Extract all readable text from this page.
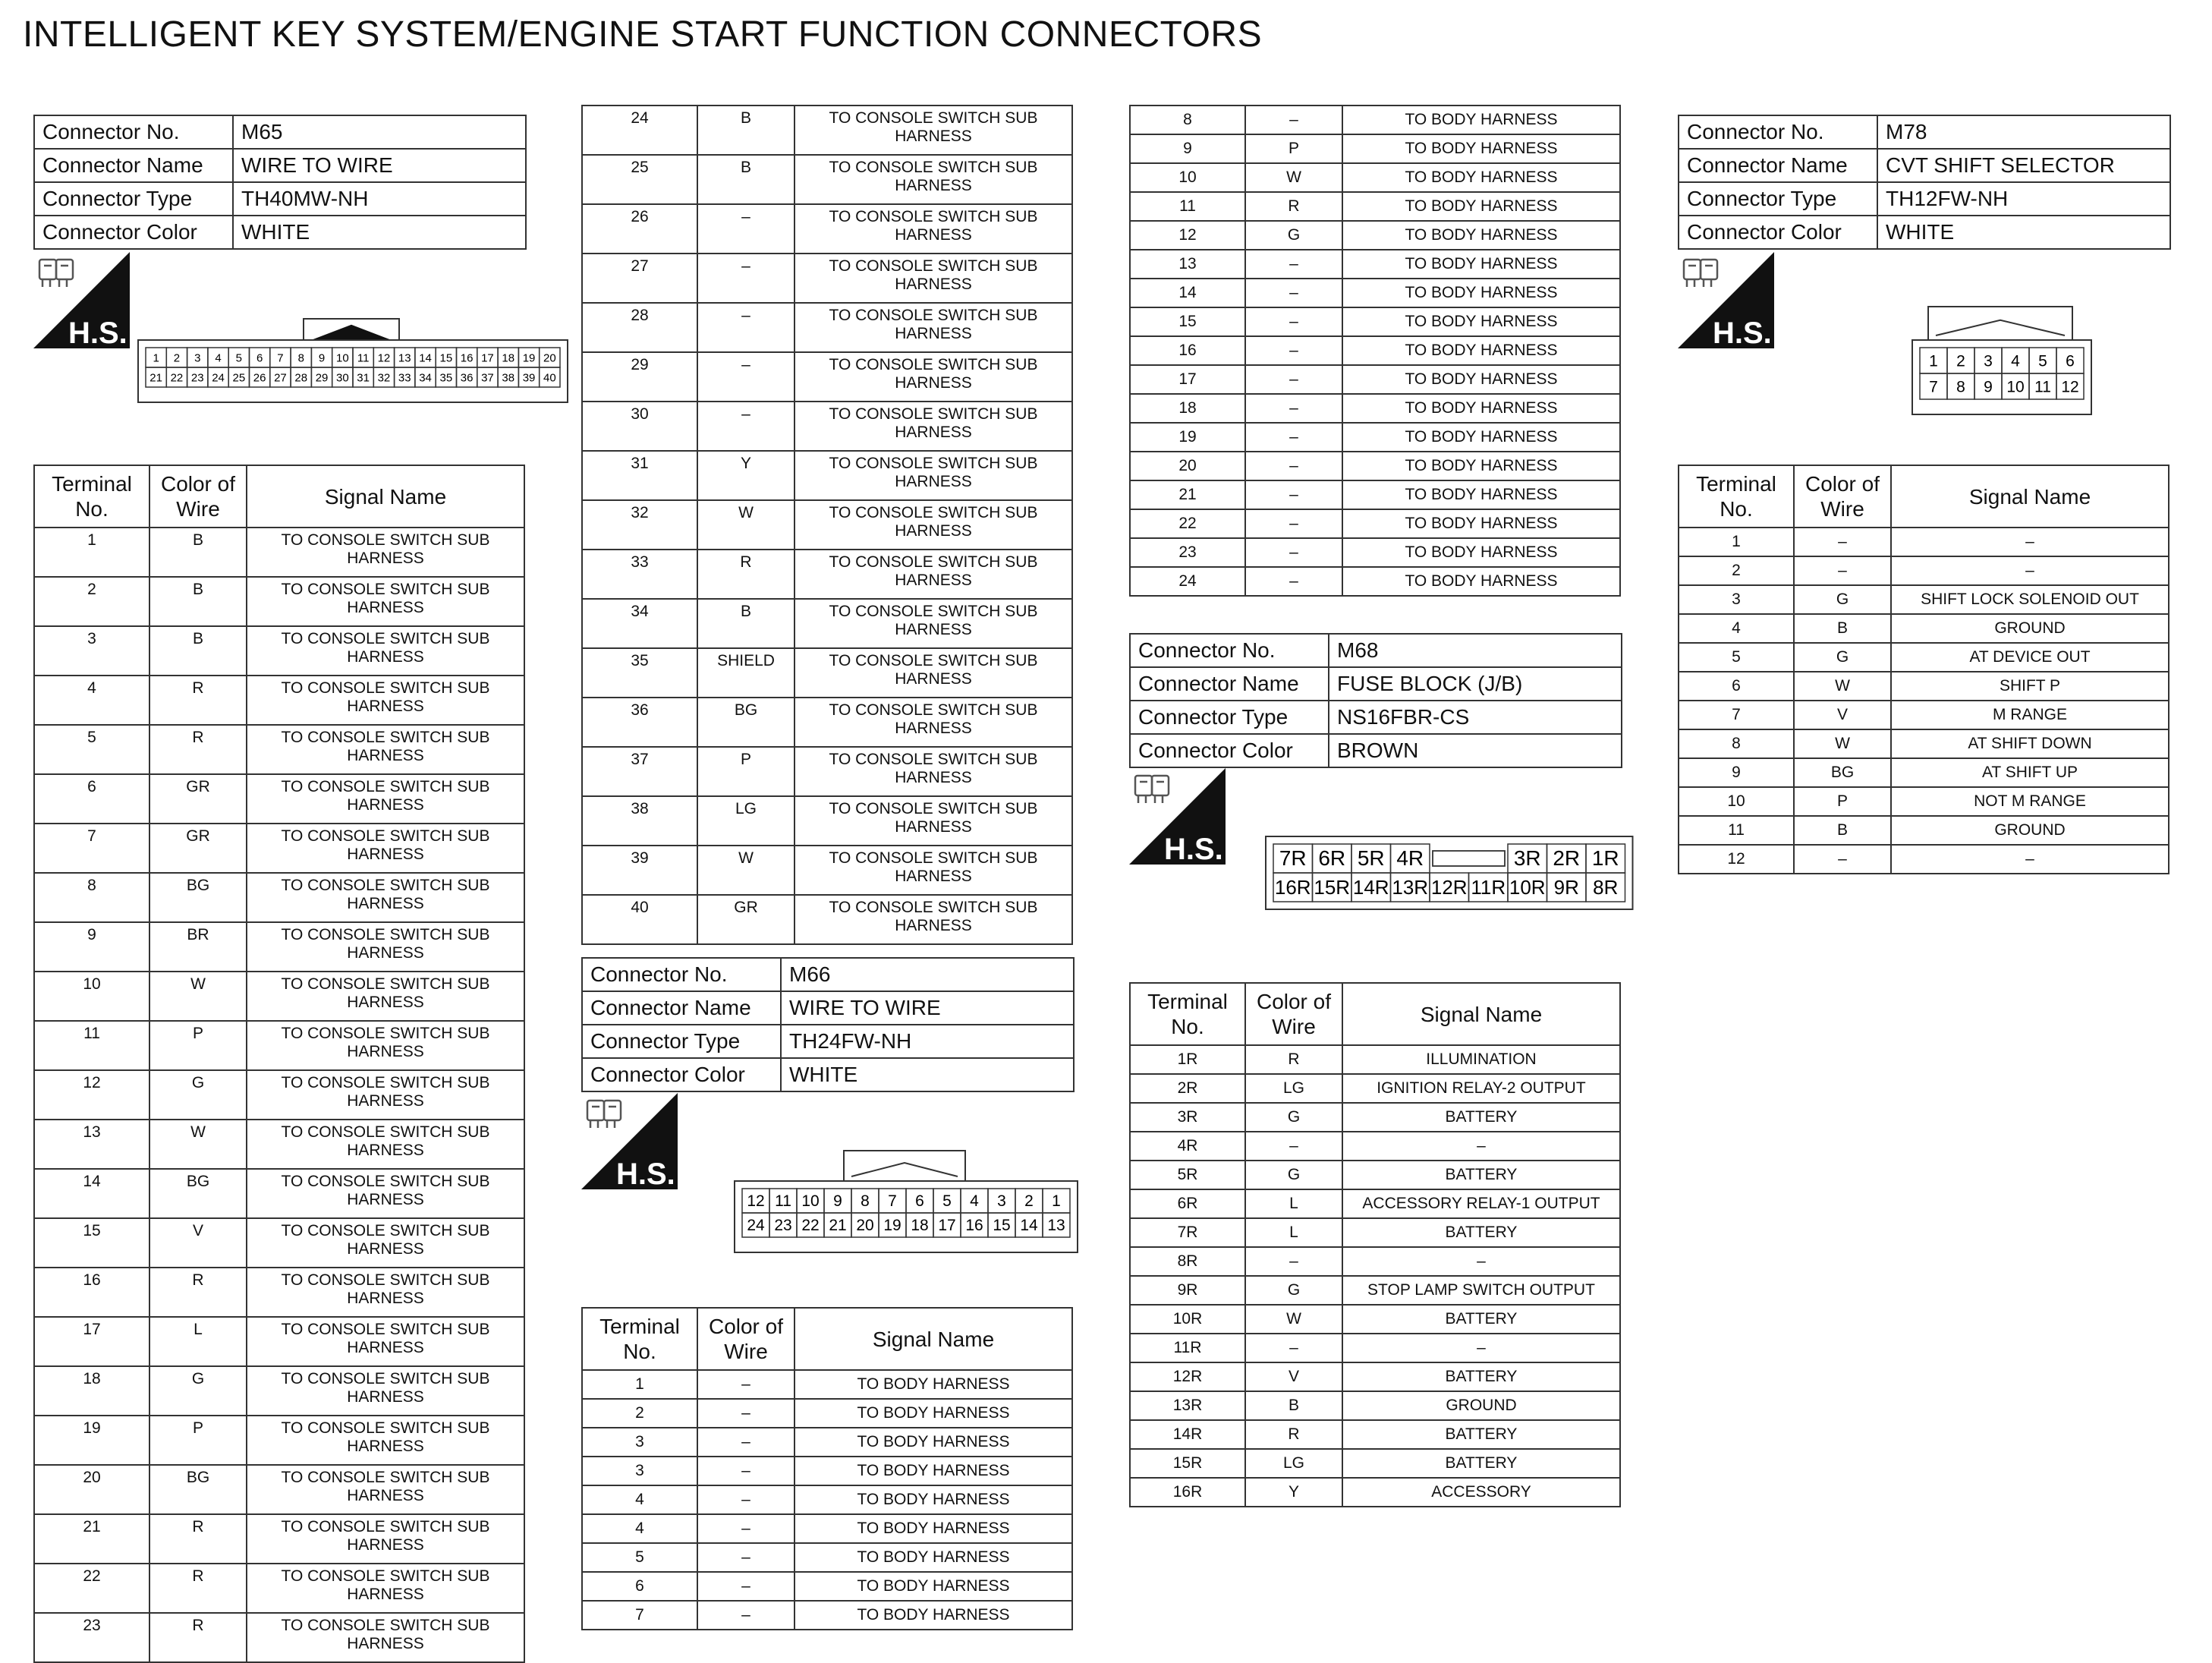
INTELLIGENT KEY SYSTEM/ENGINE START FUNCTION CONNECTORS
Connector No.	M65
Connector Name	WIRE TO WIRE
Connector Type	TH40MW-NH
Connector Color	WHITE
H.S.
1 2 3 4 5 6 7 8 9 10 11 12 13 14 15 16 17 18 19 20
21 22 23 24 25 26 27 28 29 30 31 32 33 34 35 36 37 38 39 40
Terminal No.	Color of Wire	Signal Name
1	B	TO CONSOLE SWITCH SUB HARNESS
2	B	TO CONSOLE SWITCH SUB HARNESS
3	B	TO CONSOLE SWITCH SUB HARNESS
4	R	TO CONSOLE SWITCH SUB HARNESS
5	R	TO CONSOLE SWITCH SUB HARNESS
6	GR	TO CONSOLE SWITCH SUB HARNESS
7	GR	TO CONSOLE SWITCH SUB HARNESS
8	BG	TO CONSOLE SWITCH SUB HARNESS
9	BR	TO CONSOLE SWITCH SUB HARNESS
10	W	TO CONSOLE SWITCH SUB HARNESS
11	P	TO CONSOLE SWITCH SUB HARNESS
12	G	TO CONSOLE SWITCH SUB HARNESS
13	W	TO CONSOLE SWITCH SUB HARNESS
14	BG	TO CONSOLE SWITCH SUB HARNESS
15	V	TO CONSOLE SWITCH SUB HARNESS
16	R	TO CONSOLE SWITCH SUB HARNESS
17	L	TO CONSOLE SWITCH SUB HARNESS
18	G	TO CONSOLE SWITCH SUB HARNESS
19	P	TO CONSOLE SWITCH SUB HARNESS
20	BG	TO CONSOLE SWITCH SUB HARNESS
21	R	TO CONSOLE SWITCH SUB HARNESS
22	R	TO CONSOLE SWITCH SUB HARNESS
23	R	TO CONSOLE SWITCH SUB HARNESS
24	B	TO CONSOLE SWITCH SUB HARNESS
25	B	TO CONSOLE SWITCH SUB HARNESS
26	–	TO CONSOLE SWITCH SUB HARNESS
27	–	TO CONSOLE SWITCH SUB HARNESS
28	–	TO CONSOLE SWITCH SUB HARNESS
29	–	TO CONSOLE SWITCH SUB HARNESS
30	–	TO CONSOLE SWITCH SUB HARNESS
31	Y	TO CONSOLE SWITCH SUB HARNESS
32	W	TO CONSOLE SWITCH SUB HARNESS
33	R	TO CONSOLE SWITCH SUB HARNESS
34	B	TO CONSOLE SWITCH SUB HARNESS
35	SHIELD	TO CONSOLE SWITCH SUB HARNESS
36	BG	TO CONSOLE SWITCH SUB HARNESS
37	P	TO CONSOLE SWITCH SUB HARNESS
38	LG	TO CONSOLE SWITCH SUB HARNESS
39	W	TO CONSOLE SWITCH SUB HARNESS
40	GR	TO CONSOLE SWITCH SUB HARNESS
Connector No.	M66
Connector Name	WIRE TO WIRE
Connector Type	TH24FW-NH
Connector Color	WHITE
H.S.
12 11 10 9 8 7 6 5 4 3 2 1
24 23 22 21 20 19 18 17 16 15 14 13
Terminal No.	Color of Wire	Signal Name
1	–	TO BODY HARNESS
2	–	TO BODY HARNESS
3	–	TO BODY HARNESS
3	–	TO BODY HARNESS
4	–	TO BODY HARNESS
4	–	TO BODY HARNESS
5	–	TO BODY HARNESS
6	–	TO BODY HARNESS
7	–	TO BODY HARNESS
8	–	TO BODY HARNESS
9	P	TO BODY HARNESS
10	W	TO BODY HARNESS
11	R	TO BODY HARNESS
12	G	TO BODY HARNESS
13	–	TO BODY HARNESS
14	–	TO BODY HARNESS
15	–	TO BODY HARNESS
16	–	TO BODY HARNESS
17	–	TO BODY HARNESS
18	–	TO BODY HARNESS
19	–	TO BODY HARNESS
20	–	TO BODY HARNESS
21	–	TO BODY HARNESS
22	–	TO BODY HARNESS
23	–	TO BODY HARNESS
24	–	TO BODY HARNESS
Connector No.	M68
Connector Name	FUSE BLOCK (J/B)
Connector Type	NS16FBR-CS
Connector Color	BROWN
H.S.	7R 6R 5R 4R	3R 2R 1R
16R 15R 14R 13R 12R 11R 10R 9R 8R
Terminal No.	Color of Wire	Signal Name
1R	R	ILLUMINATION
2R	LG	IGNITION RELAY-2 OUTPUT
3R	G	BATTERY
4R	–	–
5R	G	BATTERY
6R	L	ACCESSORY RELAY-1 OUTPUT
7R	L	BATTERY
8R	–	–
9R	G	STOP LAMP SWITCH OUTPUT
10R	W	BATTERY
11R	–	–
12R	V	BATTERY
13R	B	GROUND
14R	R	BATTERY
15R	LG	BATTERY
16R	Y	ACCESSORY
Connector No.	M78
Connector Name	CVT SHIFT SELECTOR
Connector Type	TH12FW-NH
Connector Color	WHITE
H.S.
1 2 3 4 5 6
7 8 9 10 11 12
Terminal No.	Color of Wire	Signal Name
1	–	–
2	–	–
3	G	SHIFT LOCK SOLENOID OUT
4	B	GROUND
5	G	AT DEVICE OUT
6	W	SHIFT P
7	V	M RANGE
8	W	AT SHIFT DOWN
9	BG	AT SHIFT UP
10	P	NOT M RANGE
11	B	GROUND
12	–	–
